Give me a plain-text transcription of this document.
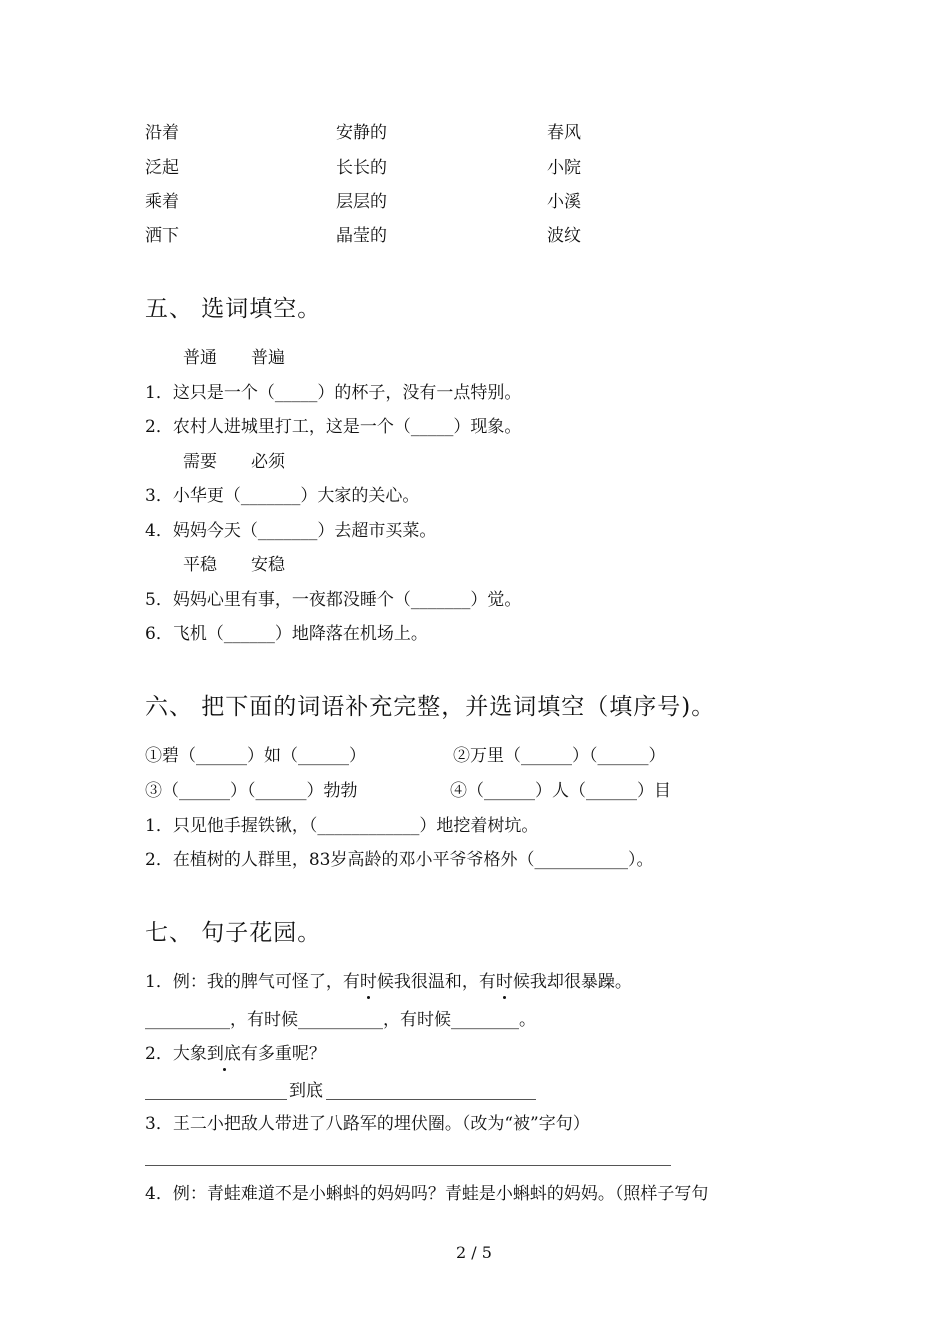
沿着
泛起
乘着
洒下
安静的
长长的
层层的
晶莹的
春风
小院
小溪
波纹
五、 选词填空。
普通　　普遍
1．这只是一个（_____）的杯子，没有一点特别。
2．农村人进城里打工，这是一个（_____）现象。
需要　　必须
3．小华更（_______）大家的关心。
4．妈妈今天（_______）去超市买菜。
平稳　　安稳
5．妈妈心里有事，一夜都没睡个（_______）觉。
6．飞机（______）地降落在机场上。
六、 把下面的词语补充完整，并选词填空（填序号)。
①碧（______）如（______）	②万里（______）（______）
③（______）（______）勃勃	④（______）人（______）目
1．只见他手握铁锹，（____________）地挖着树坑。
2．在植树的人群里，83岁高龄的邓小平爷爷格外（___________）。
七、 句子花园。
1．例：我的脾气可怪了，有时候我很温和，有时候我却很暴躁。
__________，有时候__________，有时候________。
2．大象到底有多重呢？
到底
3．王二小把敌人带进了八路军的埋伏圈。（改为“被”字句）
4．例：青蛙难道不是小蝌蚪的妈妈吗？青蛙是小蝌蚪的妈妈。（照样子写句
2 / 5
